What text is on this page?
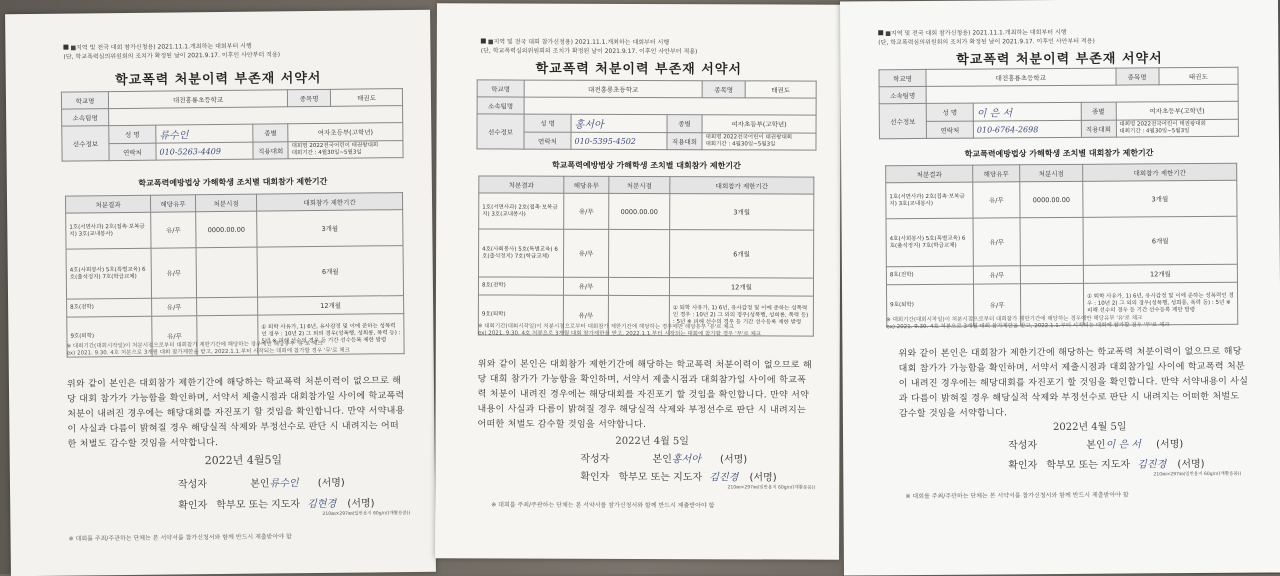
■지역 및 전국 대회 참가신청용) 2021.11.1.개최하는 대회부터 시행
(단, 학교폭력심의위원회의 조치가 확정된 날이 2021.9.17. 이후인 사안부터 적용)
학교폭력 처분이력 부존재 서약서
학교명	대전홍룡초등학교			종목명	태권도
소속팀명					
선수정보	성 명	류수인	종별	여자초등부(고학년)	
	연락처	010-5263-4409	직용대회	대회명 2022전국어린이 태권왕대회
대회기간 : 4월30일~5월3일	
학교폭력예방법상 가해학생 조치별 대회참가 제한기간
처분결과	해당유무	처분시점	대회참가 제한기간
1호(서면사과) 2호(접촉·보복금지) 3호(교내봉사)	유/무	0000.00.00	3개월
4호(사회봉사) 5호(특별교육) 6호(출석정지) 7호(학급교체)	유/무		6개월
8호(전학)	유/무		12개월
9호(퇴학)	유/무		① 퇴학 사유가, 1) 6년, 유사감정 및 이에 준하는 성폭력인 경우 : 10년 2) 그 외의 경우(성폭행, 성희롱, 폭력 등) : 5년 ※ 피해 선수의 경우 등 기간 선수등록 제한 발령
※ 대회기간(대회시작일)이 처분시점으로부터 대회참가 제한기간에 해당하는 경우에만 해당유무 '유'로 체크
ex) 2021. 9.30. 4호 처분으로 3개월 대회 참가제한을 받고, 2022.1.1.부터 시작되는 대회에 참가할 경우 '무'로 체크
위와 같이 본인은 대회참가 제한기간에 해당하는 학교폭력 처분이력이 없으므로 해당 대회 참가가 가능함을 확인하며, 서약서 제출시점과 대회참가일 사이에 학교폭력 처분이 내려진 경우에는 해당대회를 자진포기 할 것임을 확인합니다. 만약 서약내용이 사실과 다름이 밝혀질 경우 해당실적 삭제와 부정선수로 판단 시 내려지는 어떠한 처벌도 감수할 것임을 서약합니다.
2022년 4월5일
작성자	본인류수인 (서명)
확인자 학부모 또는 지도자 김현경 (서명)
210㎜×297㎜(일반용지 60g/㎡(재활용품))
※ 대회를 주최/주관하는 단체는 본 서약서를 참가신청서와 함께 반드시 제출받아야 함
■지역 및 전국 대회 참가신청용) 2021.11.1.개최하는 대회부터 시행
(단, 학교폭력심의위원회의 조치가 확정된 날이 2021.9.17. 이후인 사안부터 적용)
학교폭력 처분이력 부존재 서약서
학교명	대전홍룡초등학교			종목명	태권도
소속팀명					
선수정보	성 명	홍서아	종별	여자초등부(고학년)	
	연락처	010-5395-4502	직용대회	대회명 2022전국어린이 태권왕대회
대회기간 : 4월30일~5월3일	
학교폭력예방법상 가해학생 조치별 대회참가 제한기간
처분결과	해당유무	처분시점	대회참가 제한기간
1호(서면사과) 2호(접촉·보복금지) 3호(교내봉사)	유/무	0000.00.00	3개월
4호(사회봉사) 5호(특별교육) 6호(출석정지) 7호(학급교체)	유/무		6개월
8호(전학)	유/무		12개월
9호(퇴학)	유/무		① 퇴학 사유가, 1) 6년, 유사감정 및 이에 준하는 성폭력인 경우 : 10년 2) 그 외의 경우(성폭행, 성희롱, 폭력 등) : 5년 ※ 피해 선수의 경우 등 기간 선수등록 제한 발령
※ 대회기간(대회시작일)이 처분시점으로부터 대회참가 제한기간에 해당하는 경우에만 해당유무 '유'로 체크
ex) 2021. 9.30. 4호 처분으로 3개월 대회 참가제한을 받고, 2022.1.1.부터 시작되는 대회에 참가할 경우 '무'로 체크
위와 같이 본인은 대회참가 제한기간에 해당하는 학교폭력 처분이력이 없으므로 해당 대회 참가가 가능함을 확인하며, 서약서 제출시점과 대회참가일 사이에 학교폭력 처분이 내려진 경우에는 해당대회를 자진포기 할 것임을 확인합니다. 만약 서약내용이 사실과 다름이 밝혀질 경우 해당실적 삭제와 부정선수로 판단 시 내려지는 어떠한 처벌도 감수할 것임을 서약합니다.
2022년 4월 5일
작성자	본인홍서아 (서명)
확인자 학부모 또는 지도자 김진경 (서명)
210㎜×297㎜(일반용지 60g/㎡(재활용품))
※ 대회를 주최/주관하는 단체는 본 서약서를 참가신청서와 함께 반드시 제출받아야 함
■지역 및 전국 대회 참가신청용) 2021.11.1.개최하는 대회부터 시행
(단, 학교폭력심의위원회의 조치가 확정된 날이 2021.9.17. 이후인 사안부터 적용)
학교폭력 처분이력 부존재 서약서
학교명	대전홍룡초등학교			종목명	태권도
소속팀명					
선수정보	성 명	이 은 서	종별	여자초등부(고학년)	
	연락처	010-6764-2698	직용대회	대회명 2022전국어린이 태권왕대회
대회기간 : 4월30일~5월3일	
학교폭력예방법상 가해학생 조치별 대회참가 제한기간
처분결과	해당유무	처분시점	대회참가 제한기간
1호(서면사과) 2호(접촉·보복금지) 3호(교내봉사)	유/무	0000.00.00	3개월
4호(사회봉사) 5호(특별교육) 6호(출석정지) 7호(학급교체)	유/무		6개월
8호(전학)	유/무		12개월
9호(퇴학)	유/무		① 퇴학 사유가, 1) 6년, 유사감정 및 이에 준하는 성폭력인 경우 : 10년 2) 그 외의 경우(성폭행, 성희롱, 폭력 등) : 5년 ※ 피해 선수의 경우 등 기간 선수등록 제한 발령
※ 대회기간(대회시작일)이 처분시점으로부터 대회참가 제한기간에 해당하는 경우에만 해당유무 '유'로 체크
ex) 2021. 9.30. 4호 처분으로 3개월 대회 참가제한을 받고, 2022.1.1.부터 시작되는 대회에 참가할 경우 '무'로 체크
위와 같이 본인은 대회참가 제한기간에 해당하는 학교폭력 처분이력이 없으므로 해당 대회 참가가 가능함을 확인하며, 서약서 제출시점과 대회참가일 사이에 학교폭력 처분이 내려진 경우에는 해당대회를 자진포기 할 것임을 확인합니다. 만약 서약내용이 사실과 다름이 밝혀질 경우 해당실적 삭제와 부정선수로 판단 시 내려지는 어떠한 처벌도 감수할 것임을 서약합니다.
2022년 4월 5일
작성자	본인이 은 서 (서명)
확인자 학부모 또는 지도자 김진경 (서명)
210㎜×297㎜(일반용지 60g/㎡(재활용품))
※ 대회를 주최/주관하는 단체는 본 서약서를 참가신청서와 함께 반드시 제출받아야 함
